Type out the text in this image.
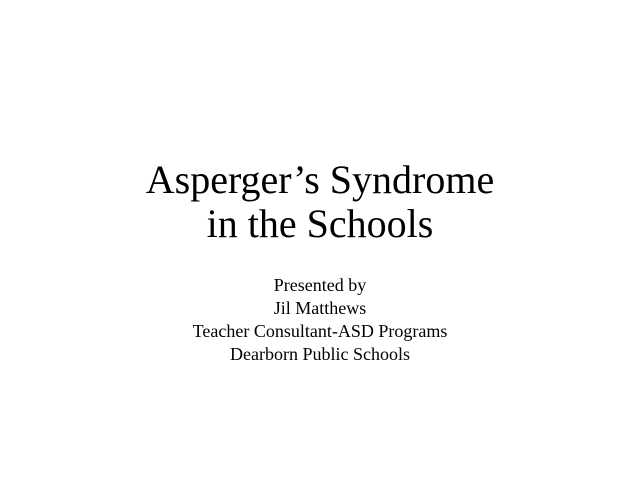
Asperger’s Syndrome
in the Schools
Presented by
Jil Matthews
Teacher Consultant-ASD Programs
Dearborn Public Schools
